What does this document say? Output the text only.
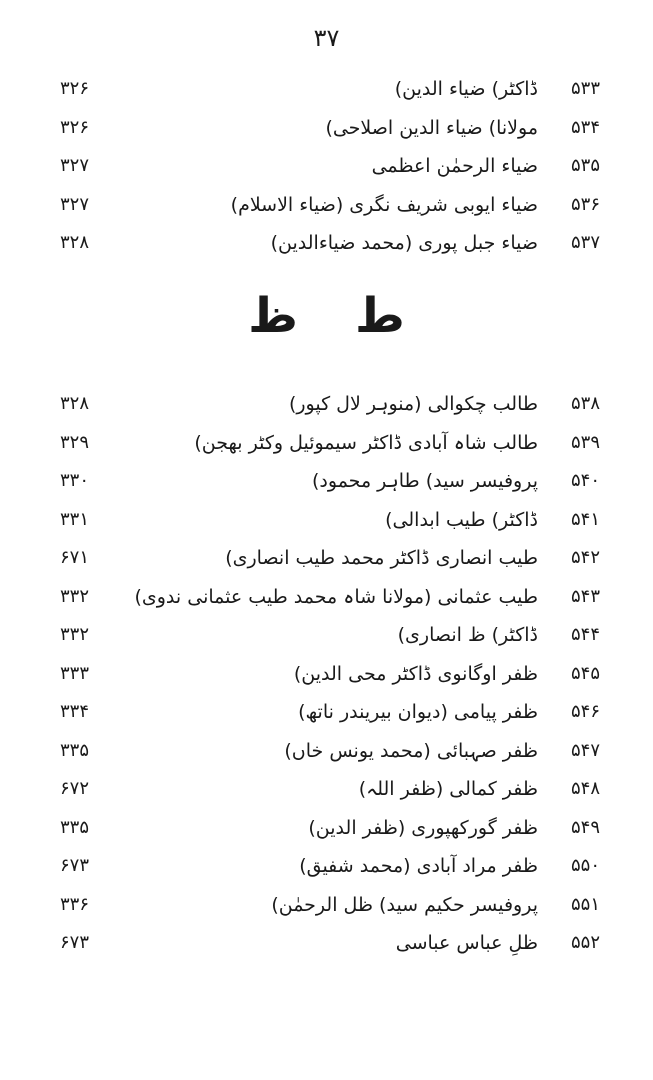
۳۷
۵۳۳
ڈاکٹر) ضیاء الدین)
۳۲۶
۵۳۴
مولانا) ضیاء الدین اصلاحی)
۳۲۶
۵۳۵
ضیاء الرحمٰن اعظمی
۳۲۷
۵۳۶
ضیاء ایوبی شریف نگری (ضیاء الاسلام)
۳۲۷
۵۳۷
ضیاء جبل پوری (محمد ضیاءالدین)
۳۲۸
ط ظ
۵۳۸
طالب چکوالی (منوہر لال کپور)
۳۲۸
۵۳۹
طالب شاہ آبادی ڈاکٹر سیموئیل وکٹر بھجن)
۳۲۹
۵۴۰
پروفیسر سید) طاہر محمود)
۳۳۰
۵۴۱
ڈاکٹر) طیب ابدالی)
۳۳۱
۵۴۲
طیب انصاری ڈاکٹر محمد طیب انصاری)
۶۷۱
۵۴۳
طیب عثمانی (مولانا شاہ محمد طیب عثمانی ندوی)
۳۳۲
۵۴۴
ڈاکٹر) ظ انصاری)
۳۳۲
۵۴۵
ظفر اوگانوی ڈاکٹر محی الدین)
۳۳۳
۵۴۶
ظفر پیامی (دیوان بیریندر ناتھ)
۳۳۴
۵۴۷
ظفر صہبائی (محمد یونس خاں)
۳۳۵
۵۴۸
ظفر کمالی (ظفر اللہ)
۶۷۲
۵۴۹
ظفر گورکھپوری (ظفر الدین)
۳۳۵
۵۵۰
ظفر مراد آبادی (محمد شفیق)
۶۷۳
۵۵۱
پروفیسر حکیم سید) ظل الرحمٰن)
۳۳۶
۵۵۲
ظلِ عباس عباسی
۶۷۳
